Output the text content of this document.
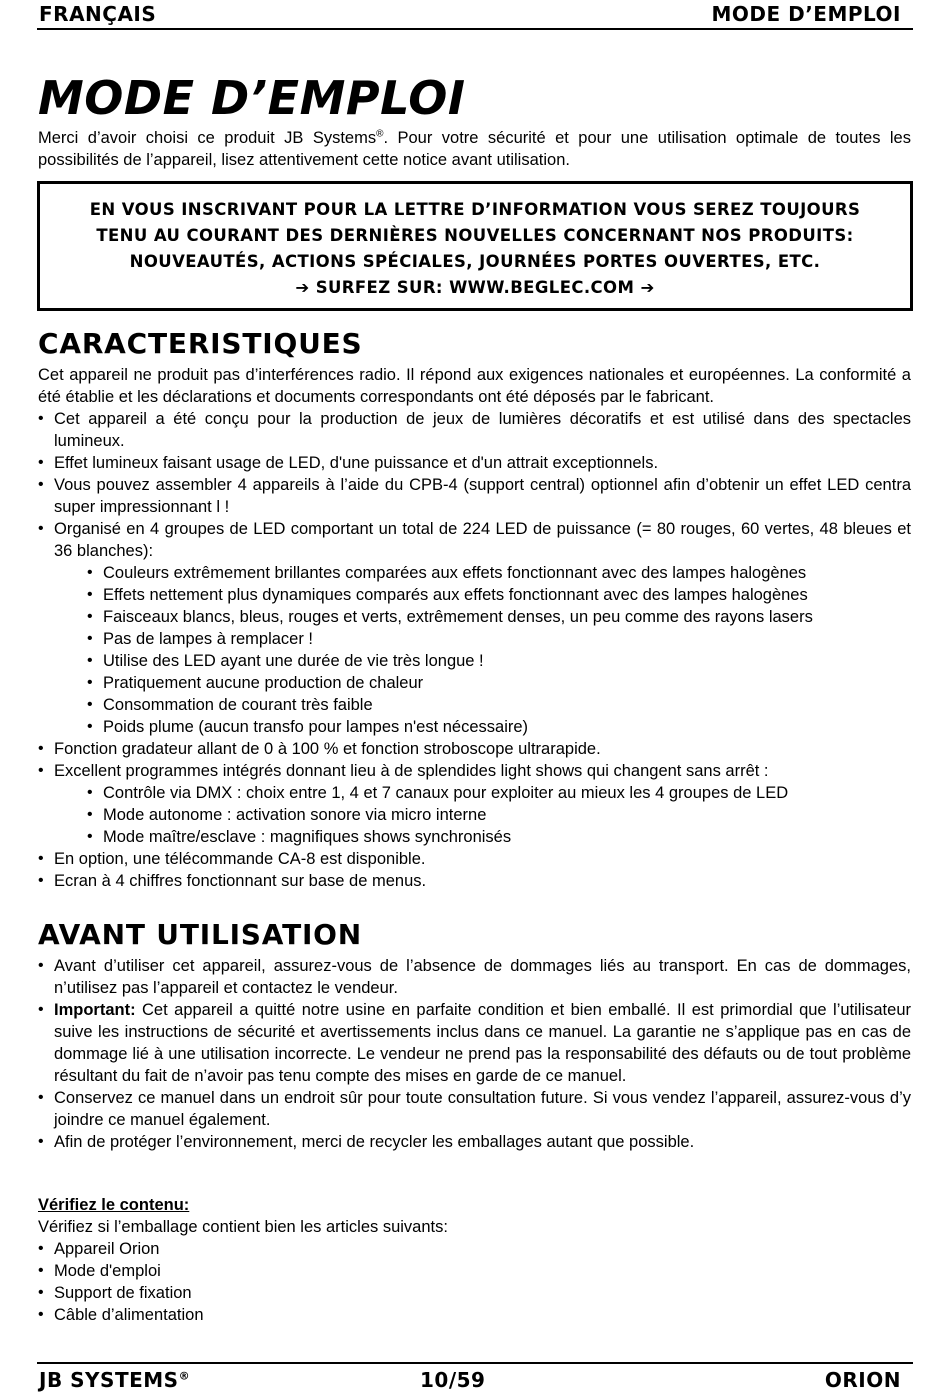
FRANÇAIS	MODE D’EMPLOI
MODE D’EMPLOI
Merci d’avoir choisi ce produit JB Systems®. Pour votre sécurité et pour une utilisation optimale de toutes les possibilités de l’appareil, lisez attentivement cette notice avant utilisation.
EN VOUS INSCRIVANT POUR LA LETTRE D’INFORMATION VOUS SEREZ TOUJOURS
TENU AU COURANT DES DERNIÈRES NOUVELLES CONCERNANT NOS PRODUITS:
NOUVEAUTÉS, ACTIONS SPÉCIALES, JOURNÉES PORTES OUVERTES, ETC.
➔ SURFEZ SUR: WWW.BEGLEC.COM ➔
CARACTERISTIQUES
Cet appareil ne produit pas d’interférences radio. Il répond aux exigences nationales et européennes. La conformité a été établie et les déclarations et documents correspondants ont été déposés par le fabricant.
• Cet appareil a été conçu pour la production de jeux de lumières décoratifs et est utilisé dans des spectacles lumineux.
• Effet lumineux faisant usage de LED, d'une puissance et d'un attrait exceptionnels.
• Vous pouvez assembler 4 appareils à l’aide du CPB-4 (support central) optionnel afin d’obtenir un effet LED centra super impressionnant l !
• Organisé en 4 groupes de LED comportant un total de 224 LED de puissance (= 80 rouges, 60 vertes, 48 bleues et 36 blanches):
• Couleurs extrêmement brillantes comparées aux effets fonctionnant avec des lampes halogènes
• Effets nettement plus dynamiques comparés aux effets fonctionnant avec des lampes halogènes
• Faisceaux blancs, bleus, rouges et verts, extrêmement denses, un peu comme des rayons lasers
• Pas de lampes à remplacer !
• Utilise des LED ayant une durée de vie très longue !
• Pratiquement aucune production de chaleur
• Consommation de courant très faible
• Poids plume (aucun transfo pour lampes n'est nécessaire)
• Fonction gradateur allant de 0 à 100 % et fonction stroboscope ultrarapide.
• Excellent programmes intégrés donnant lieu à de splendides light shows qui changent sans arrêt :
• Contrôle via DMX : choix entre 1, 4 et 7 canaux pour exploiter au mieux les 4 groupes de LED
• Mode autonome : activation sonore via micro interne
• Mode maître/esclave : magnifiques shows synchronisés
• En option, une télécommande CA-8 est disponible.
• Ecran à 4 chiffres fonctionnant sur base de menus.
AVANT UTILISATION
• Avant d’utiliser cet appareil, assurez-vous de l’absence de dommages liés au transport. En cas de dommages, n’utilisez pas l’appareil et contactez le vendeur.
• Important: Cet appareil a quitté notre usine en parfaite condition et bien emballé. Il est primordial que l’utilisateur suive les instructions de sécurité et avertissements inclus dans ce manuel. La garantie ne s’applique pas en cas de dommage lié à une utilisation incorrecte. Le vendeur ne prend pas la responsabilité des défauts ou de tout problème résultant du fait de n’avoir pas tenu compte des mises en garde de ce manuel.
• Conservez ce manuel dans un endroit sûr pour toute consultation future. Si vous vendez l’appareil, assurez-vous d’y joindre ce manuel également.
• Afin de protéger l’environnement, merci de recycler les emballages autant que possible.
Vérifiez le contenu:
Vérifiez si l’emballage contient bien les articles suivants:
• Appareil Orion
• Mode d'emploi
• Support de fixation
• Câble d’alimentation
JB SYSTEMS®	10/59	ORION
